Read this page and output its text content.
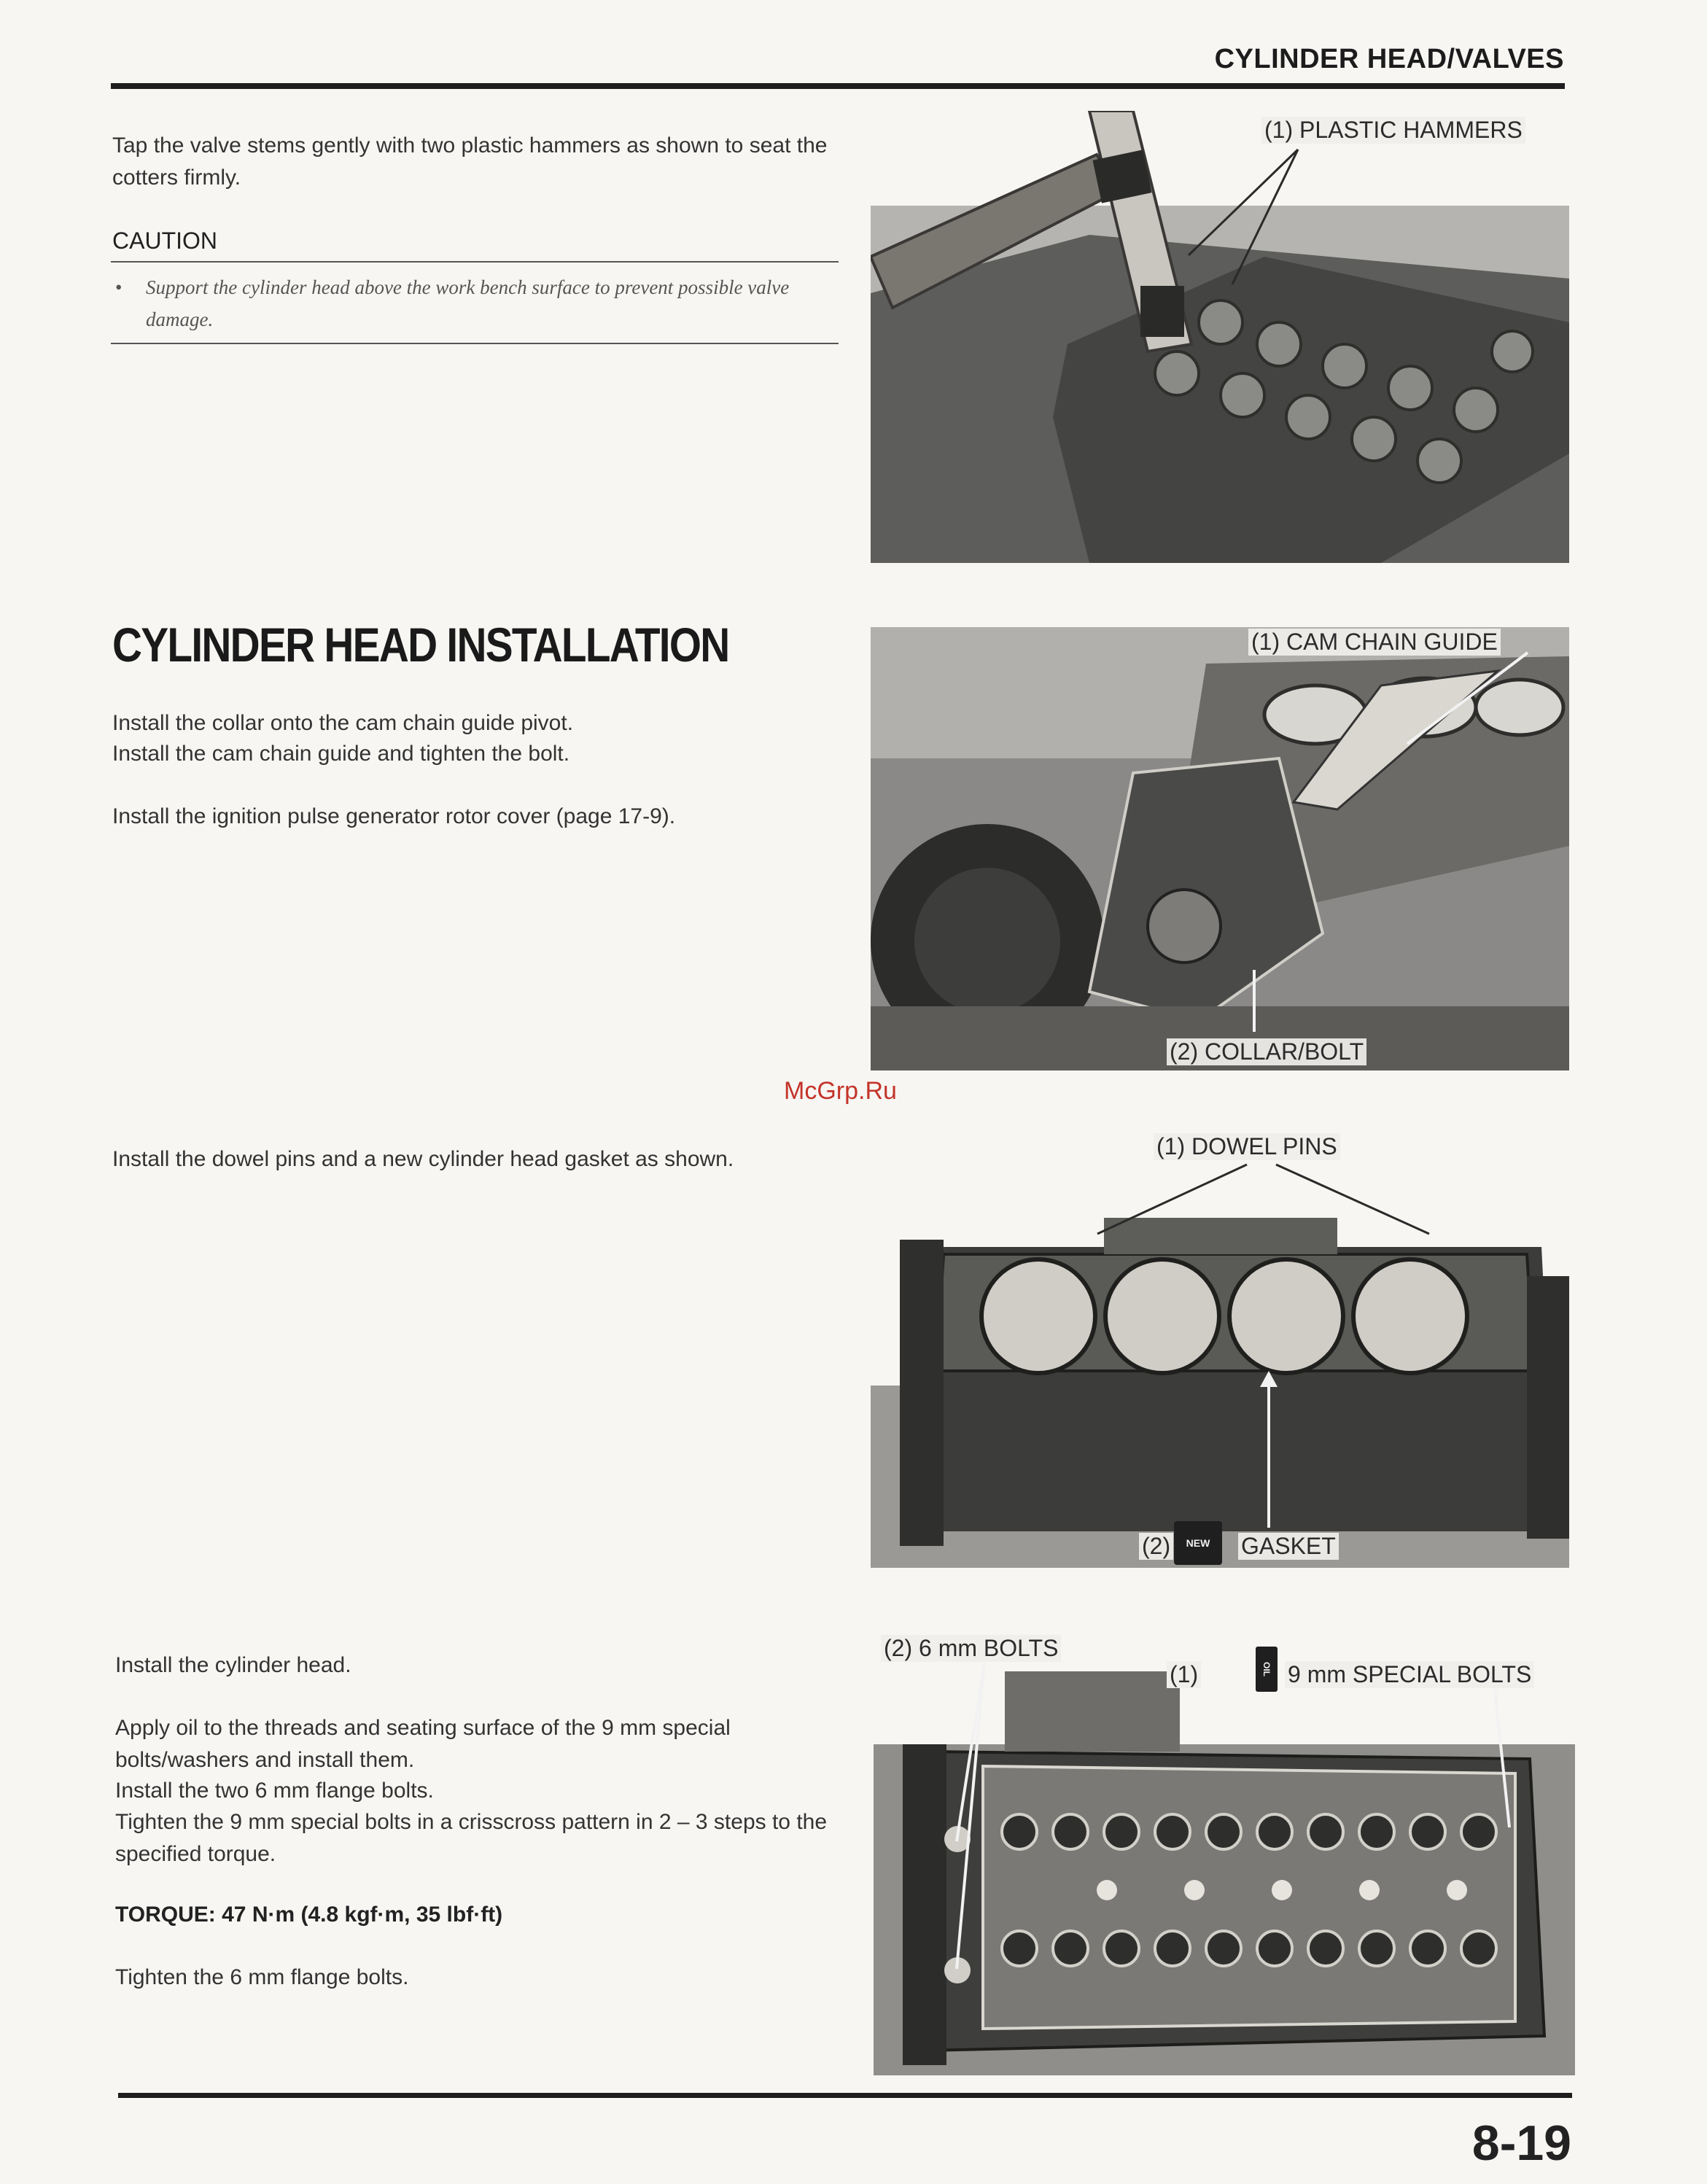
CYLINDER HEAD/VALVES
Tap the valve stems gently with two plastic hammers as shown to seat the cotters firmly.
CAUTION
•	Support the cylinder head above the work bench surface to prevent possible valve damage.
(1) PLASTIC HAMMERS
CYLINDER HEAD INSTALLATION
Install the collar onto the cam chain guide pivot.
Install the cam chain guide and tighten the bolt.
Install the ignition pulse generator rotor cover (page 17-9).
(1) CAM CHAIN GUIDE
(2) COLLAR/BOLT
McGrp.Ru
Install the dowel pins and a new cylinder head gasket as shown.	(1) DOWEL PINS
(2)	NEW	GASKET
Install the cylinder head.
Apply oil to the threads and seating surface of the 9 mm special bolts/washers and install them.
Install the two 6 mm flange bolts.
Tighten the 9 mm special bolts in a crisscross pattern in 2 – 3 steps to the specified torque.
TORQUE: 47 N·m (4.8 kgf·m, 35 lbf·ft)
Tighten the 6 mm flange bolts.
(2) 6 mm BOLTS
(1)	OIL 9 mm SPECIAL BOLTS
8-19
